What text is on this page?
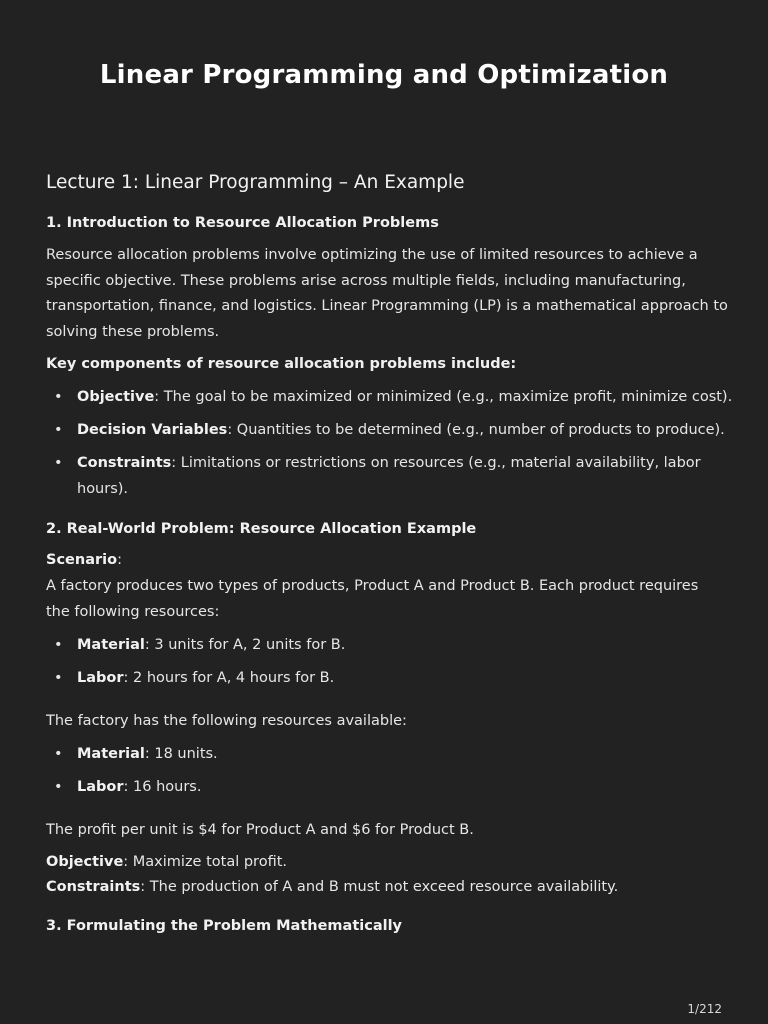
Linear Programming and Optimization
Lecture 1: Linear Programming – An Example
1. Introduction to Resource Allocation Problems

Resource allocation problems involve optimizing the use of limited resources to achieve a specific objective. These problems arise across multiple fields, including manufacturing, transportation, finance, and logistics. Linear Programming (LP) is a mathematical approach to solving these problems.

Key components of resource allocation problems include:

• Objective: The goal to be maximized or minimized (e.g., maximize profit, minimize cost).
• Decision Variables: Quantities to be determined (e.g., number of products to produce).
• Constraints: Limitations or restrictions on resources (e.g., material availability, labor hours).
2. Real-World Problem: Resource Allocation Example

Scenario:

A factory produces two types of products, Product A and Product B. Each product requires the following resources:

• Material: 3 units for A, 2 units for B.
• Labor: 2 hours for A, 4 hours for B.

The factory has the following resources available:

• Material: 18 units.
• Labor: 16 hours.

The profit per unit is $4 for Product A and $6 for Product B.

Objective: Maximize total profit.

Constraints: The production of A and B must not exceed resource availability.

3. Formulating the Problem Mathematically
1/212
